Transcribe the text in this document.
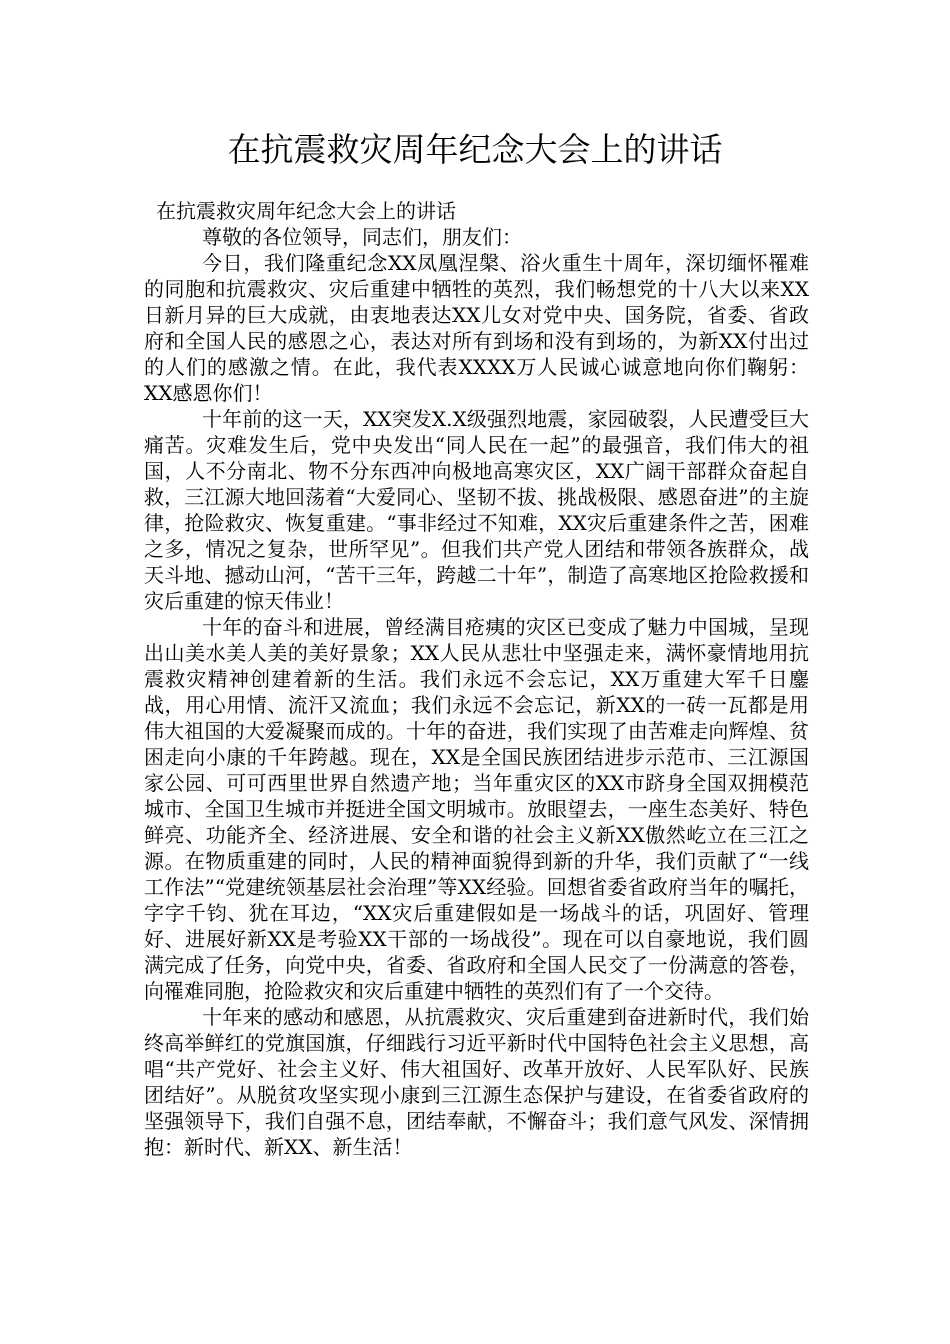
在抗震救灾周年纪念大会上的讲话

在抗震救灾周年纪念大会上的讲话

尊敬的各位领导，同志们，朋友们：

今日，我们隆重纪念XX凤凰涅槃、浴火重生十周年，深切缅怀罹难的同胞和抗震救灾、灾后重建中牺牲的英烈，我们畅想党的十八大以来XX日新月异的巨大成就，由衷地表达XX儿女对党中央、国务院，省委、省政府和全国人民的感恩之心，表达对所有到场和没有到场的，为新XX付出过的人们的感激之情。在此，我代表XXXX万人民诚心诚意地向你们鞠躬：XX感恩你们！

十年前的这一天，XX突发X.X级强烈地震，家园破裂，人民遭受巨大痛苦。灾难发生后，党中央发出“同人民在一起”的最强音，我们伟大的祖国，人不分南北、物不分东西冲向极地高寒灾区，XX广阔干部群众奋起自救，三江源大地回荡着“大爱同心、坚韧不拔、挑战极限、感恩奋进”的主旋律，抢险救灾、恢复重建。“事非经过不知难，XX灾后重建条件之苦，困难之多，情况之复杂，世所罕见”。但我们共产党人团结和带领各族群众，战天斗地、撼动山河，“苦干三年，跨越二十年”，制造了高寒地区抢险救援和灾后重建的惊天伟业！

十年的奋斗和进展，曾经满目疮痍的灾区已变成了魅力中国城，呈现出山美水美人美的美好景象；XX人民从悲壮中坚强走来，满怀豪情地用抗震救灾精神创建着新的生活。我们永远不会忘记，XX万重建大军千日鏖战，用心用情、流汗又流血；我们永远不会忘记，新XX的一砖一瓦都是用伟大祖国的大爱凝聚而成的。十年的奋进，我们实现了由苦难走向辉煌、贫困走向小康的千年跨越。现在，XX是全国民族团结进步示范市、三江源国家公园、可可西里世界自然遗产地；当年重灾区的XX市跻身全国双拥模范城市、全国卫生城市并挺进全国文明城市。放眼望去，一座生态美好、特色鲜亮、功能齐全、经济进展、安全和谐的社会主义新XX傲然屹立在三江之源。在物质重建的同时，人民的精神面貌得到新的升华，我们贡献了“一线工作法”“党建统领基层社会治理”等XX经验。回想省委省政府当年的嘱托，字字千钧、犹在耳边，“XX灾后重建假如是一场战斗的话，巩固好、管理好、进展好新XX是考验XX干部的一场战役”。现在可以自豪地说，我们圆满完成了任务，向党中央，省委、省政府和全国人民交了一份满意的答卷，向罹难同胞，抢险救灾和灾后重建中牺牲的英烈们有了一个交待。

十年来的感动和感恩，从抗震救灾、灾后重建到奋进新时代，我们始终高举鲜红的党旗国旗，仔细践行习近平新时代中国特色社会主义思想，高唱“共产党好、社会主义好、伟大祖国好、改革开放好、人民军队好、民族团结好”。从脱贫攻坚实现小康到三江源生态保护与建设，在省委省政府的坚强领导下，我们自强不息，团结奉献，不懈奋斗；我们意气风发、深情拥抱：新时代、新XX、新生活！
